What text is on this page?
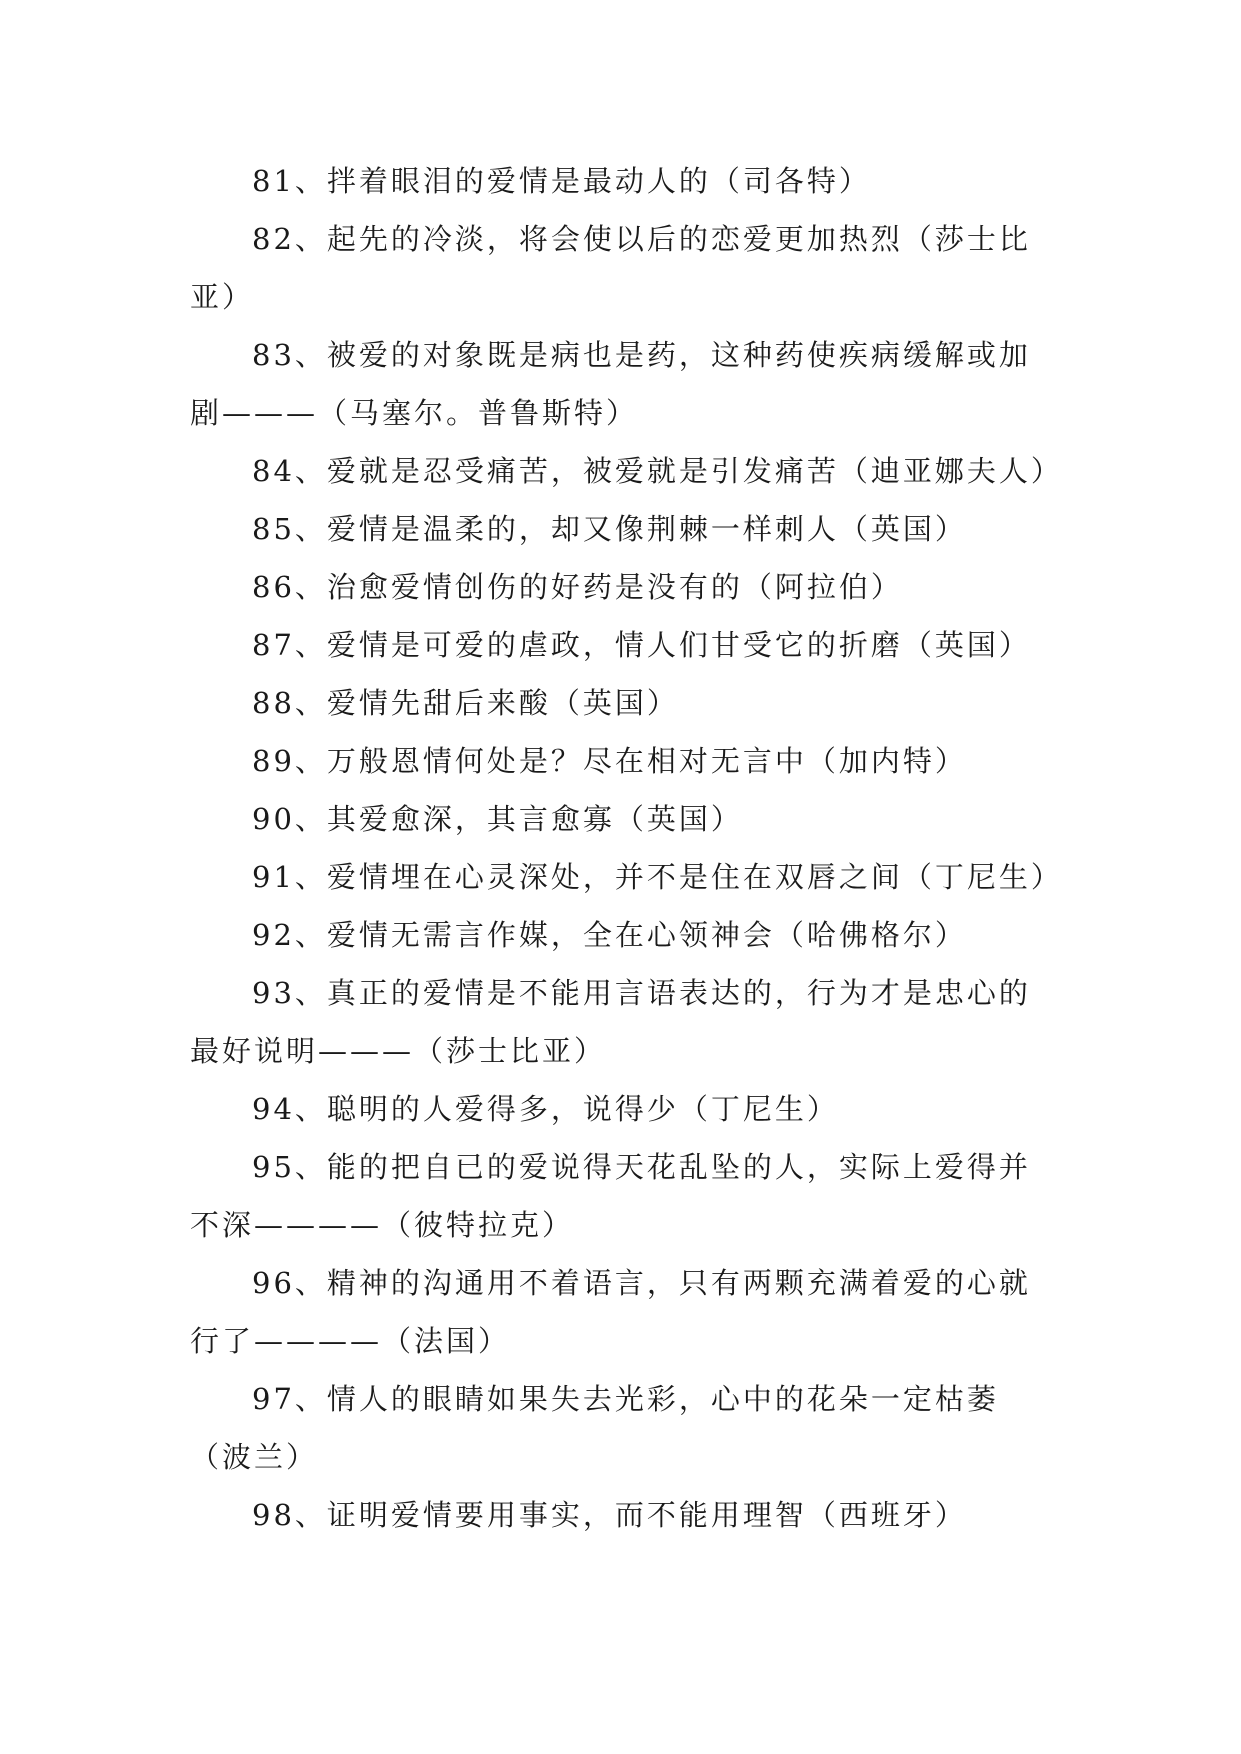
81、拌着眼泪的爱情是最动人的（司各特）

82、起先的冷淡，将会使以后的恋爱更加热烈（莎士比亚）

83、被爱的对象既是病也是药，这种药使疾病缓解或加剧———（马塞尔。普鲁斯特）

84、爱就是忍受痛苦，被爱就是引发痛苦（迪亚娜夫人）

85、爱情是温柔的，却又像荆棘一样刺人（英国）

86、治愈爱情创伤的好药是没有的（阿拉伯）

87、爱情是可爱的虐政，情人们甘受它的折磨（英国）

88、爱情先甜后来酸（英国）

89、万般恩情何处是？尽在相对无言中（加内特）

90、其爱愈深，其言愈寡（英国）

91、爱情埋在心灵深处，并不是住在双唇之间（丁尼生）

92、爱情无需言作媒，全在心领神会（哈佛格尔）

93、真正的爱情是不能用言语表达的，行为才是忠心的最好说明———（莎士比亚）

94、聪明的人爱得多，说得少（丁尼生）

95、能的把自已的爱说得天花乱坠的人，实际上爱得并不深————（彼特拉克）

96、精神的沟通用不着语言，只有两颗充满着爱的心就行了————（法国）

97、情人的眼睛如果失去光彩，心中的花朵一定枯萎（波兰）

98、证明爱情要用事实，而不能用理智（西班牙）
